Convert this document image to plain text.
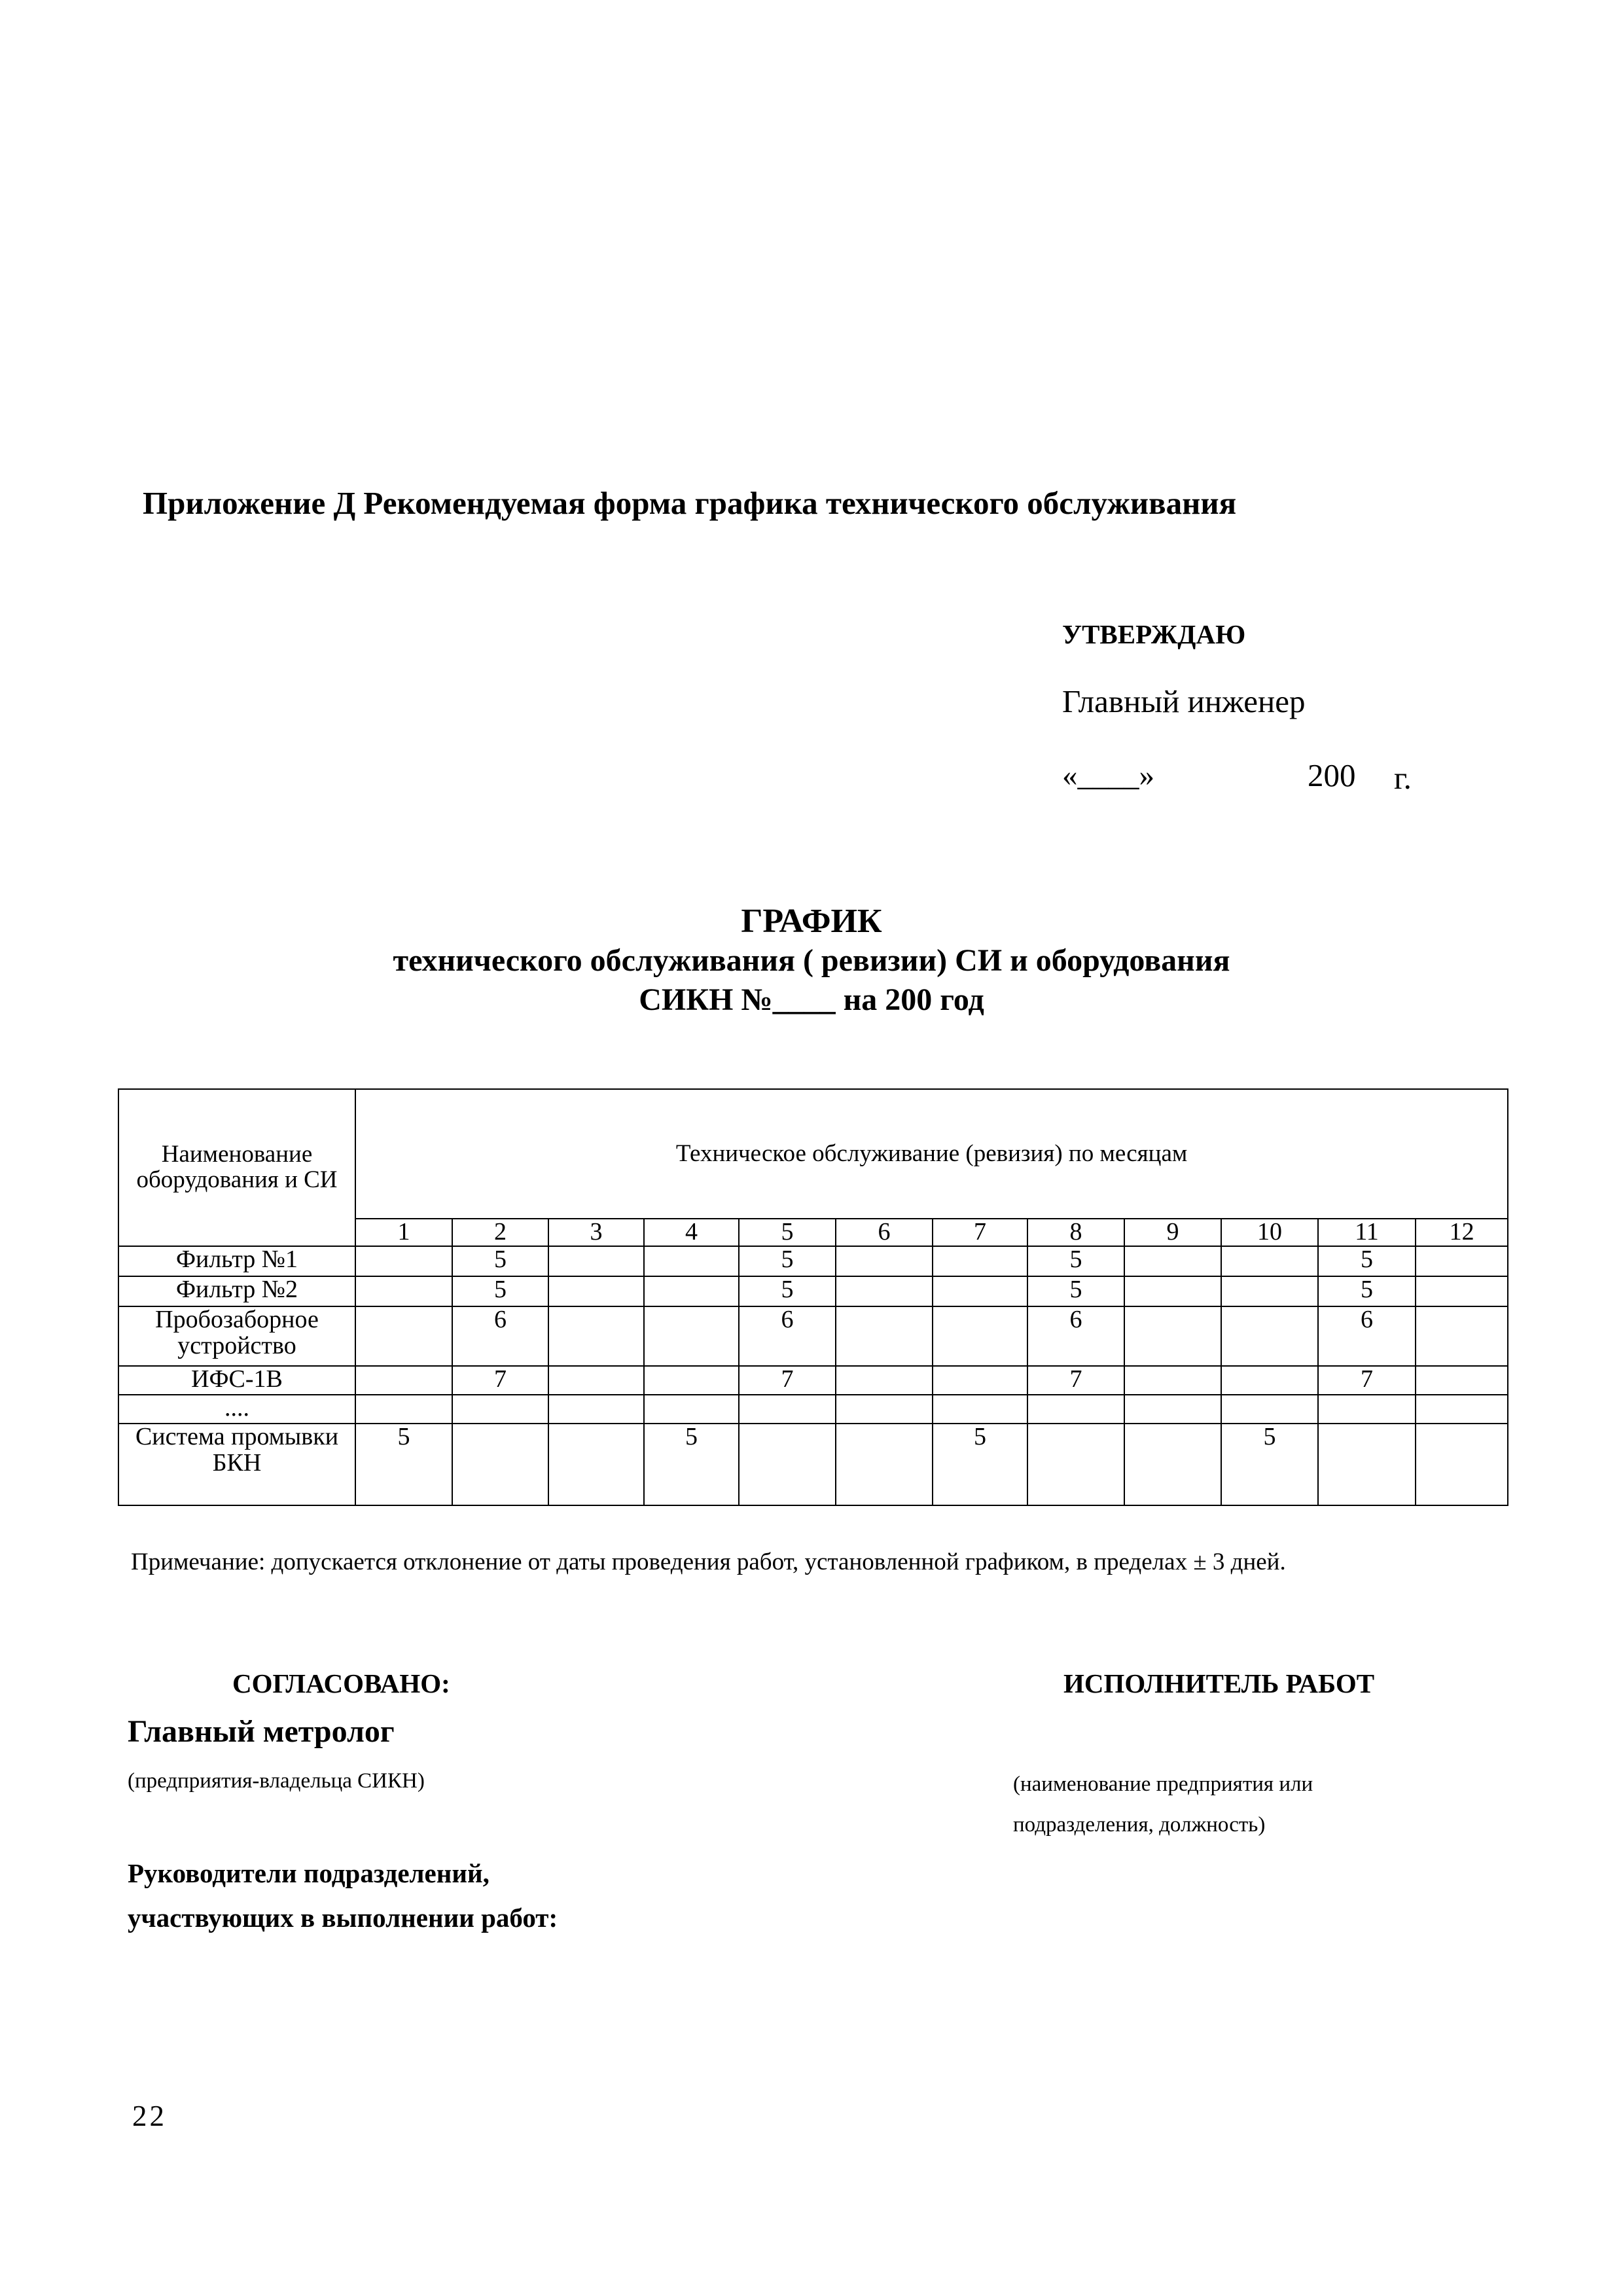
Приложение Д Рекомендуемая форма графика технического обслуживания
УТВЕРЖДАЮ
Главный инженер
«____»	200 г.
ГРАФИК
технического обслуживания ( ревизии) СИ и оборудования
СИКН №____ на 200 год
Наименование оборудования и СИ	Техническое обслуживание (ревизия) по месяцам											
	1	2	3	4	5	6	7	8	9	10	11	12
Фильтр №1		5			5			5			5	
Фильтр №2		5			5			5			5	
Пробозаборное устройство		6			6			6			6	
ИФС-1В		7			7			7			7	
....												
Система промывки БКН	5			5			5			5		
Примечание: допускается отклонение от даты проведения работ, установленной графиком, в пределах ± 3 дней.
СОГЛАСОВАНО:	ИСПОЛНИТЕЛЬ РАБОТ
Главный метролог
(предприятия-владельца СИКН)	(наименование предприятия или
подразделения, должность)
Руководители подразделений,
участвующих в выполнении работ:
22
